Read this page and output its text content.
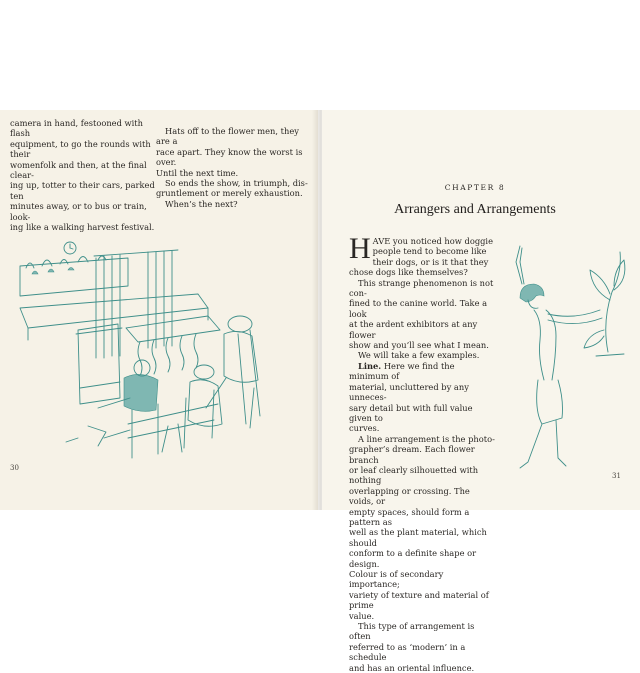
camera in hand, festooned with flash
equipment, to go the rounds with their
womenfolk and then, at the final clear-
ing up, totter to their cars, parked ten
minutes away, or to bus or train, look-
ing like a walking harvest festival.
Hats off to the flower men, they are a
race apart. They know the worst is over.
Until the next time.
So ends the show, in triumph, dis-
gruntlement or merely exhaustion.
When’s the next?
30
CHAPTER 8
Arrangers and Arrangements
H AVE you noticed how doggie
people tend to become like
their dogs, or is it that they
chose dogs like themselves?
This strange phenomenon is not con-
fined to the canine world. Take a look
at the ardent exhibitors at any flower
show and you’ll see what I mean.
We will take a few examples.
Line. Here we find the minimum of
material, uncluttered by any unneces-
sary detail but with full value given to
curves.
A line arrangement is the photo-
grapher’s dream. Each flower branch
or leaf clearly silhouetted with nothing
overlapping or crossing. The voids, or
empty spaces, should form a pattern as
well as the plant material, which should
conform to a definite shape or design.
Colour is of secondary importance;
variety of texture and material of prime
value.
This type of arrangement is often
referred to as ‘modern’ in a schedule
and has an oriental influence.
31
